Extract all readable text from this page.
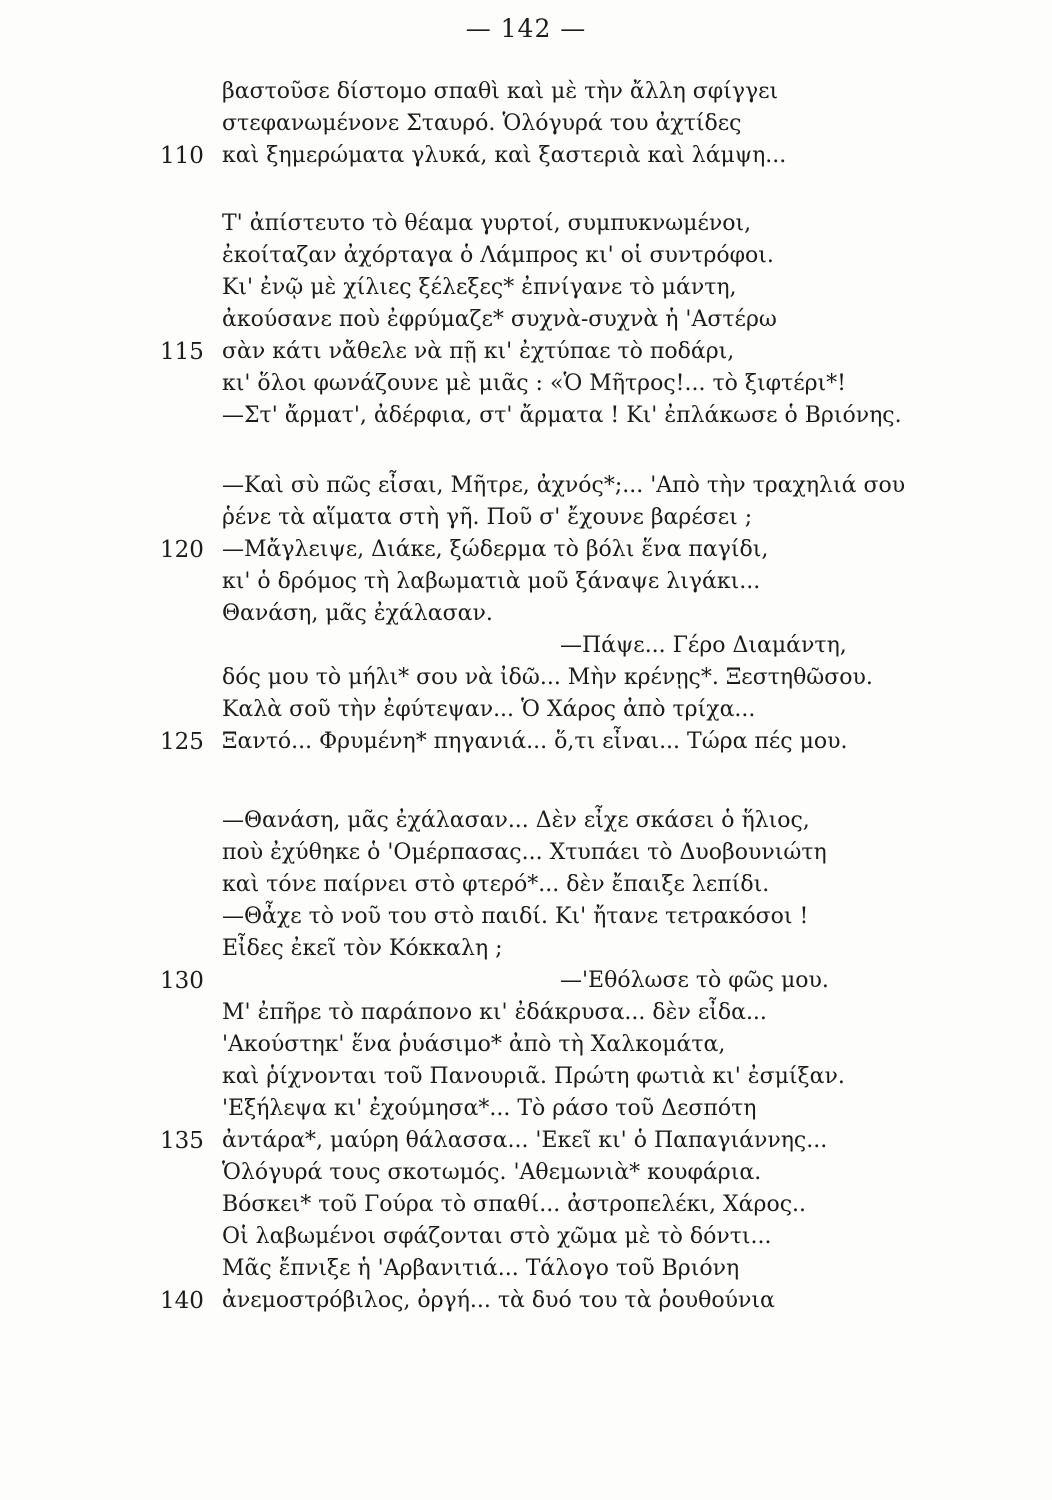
— 142 —
βαστοῦσε δίστομο σπαθὶ καὶ μὲ τὴν ἄλλη σφίγγει
στεφανωμένονε Σταυρό. Ὁλόγυρά του ἀχτίδες
110 καὶ ξημερώματα γλυκά, καὶ ξαστεριὰ καὶ λάμψη...
Τ' ἀπίστευτο τὸ θέαμα γυρτοί, συμπυκνωμένοι,
ἐκοίταζαν ἀχόρταγα ὁ Λάμπρος κι' οἱ συντρόφοι.
Κι' ἐνῷ μὲ χίλιες ξέλεξες* ἐπνίγανε τὸ μάντη,
ἀκούσανε ποὺ ἐφρύμαζε* συχνὰ-συχνὰ ἡ 'Αστέρω
115 σὰν κάτι νἄθελε νὰ πῇ κι' ἐχτύπαε τὸ ποδάρι,
κι' ὅλοι φωνάζουνε μὲ μιᾶς : «Ὁ Μῆτρος!... τὸ ξιφτέρι*!
—Στ' ἄρματ', ἀδέρφια, στ' ἄρματα ! Κι' ἐπλάκωσε ὁ Βριόνης.
—Καὶ σὺ πῶς εἶσαι, Μῆτρε, ἀχνός*;... 'Απὸ τὴν τραχηλιά σου
ῥένε τὰ αἵματα στὴ γῆ. Ποῦ σ' ἔχουνε βαρέσει ;
120 —Μἄγλειψε, Διάκε, ξώδερμα τὸ βόλι ἕνα παγίδι,
κι' ὁ δρόμος τὴ λαβωματιὰ μοῦ ξάναψε λιγάκι...
Θανάση, μᾶς ἐχάλασαν.
—Πάψε... Γέρο Διαμάντη,
δός μου τὸ μήλι* σου νὰ ἰδῶ... Μὴν κρένῃς*. Ξεστηθῶσου.
Καλὰ σοῦ τὴν ἐφύτεψαν... Ὁ Χάρος ἀπὸ τρίχα...
125 Ξαντό... Φρυμένη* πηγανιά... ὅ,τι εἶναι... Τώρα πές μου.
—Θανάση, μᾶς ἐχάλασαν... Δὲν εἶχε σκάσει ὁ ἥλιος,
ποὺ ἐχύθηκε ὁ 'Ομέρπασας... Χτυπάει τὸ Δυοβουνιώτη
καὶ τόνε παίρνει στὸ φτερό*... δὲν ἔπαιξε λεπίδι.
—Θἆχε τὸ νοῦ του στὸ παιδί. Κι' ἤτανε τετρακόσοι !
Εἶδες ἐκεῖ τὸν Κόκκαλη ;
130	—'Εθόλωσε τὸ φῶς μου.
Μ' ἐπῆρε τὸ παράπονο κι' ἐδάκρυσα... δὲν εἶδα...
'Ακούστηκ' ἕνα ῥυάσιμο* ἀπὸ τὴ Χαλκομάτα,
καὶ ῥίχνονται τοῦ Πανουριᾶ. Πρώτη φωτιὰ κι' ἐσμίξαν.
'Εξήλεψα κι' ἐχούμησα*... Τὸ ράσο τοῦ Δεσπότη
135 ἀντάρα*, μαύρη θάλασσα... 'Εκεῖ κι' ὁ Παπαγιάννης...
Ὁλόγυρά τους σκοτωμός. 'Αθεμωνιὰ* κουφάρια.
Βόσκει* τοῦ Γούρα τὸ σπαθί... ἀστροπελέκι, Χάρος..
Οἱ λαβωμένοι σφάζονται στὸ χῶμα μὲ τὸ δόντι...
Μᾶς ἔπνιξε ἡ 'Αρβανιτιά... Τάλογο τοῦ Βριόνη
140 ἀνεμοστρόβιλος, ὀργή... τὰ δυό του τὰ ῥουθούνια
